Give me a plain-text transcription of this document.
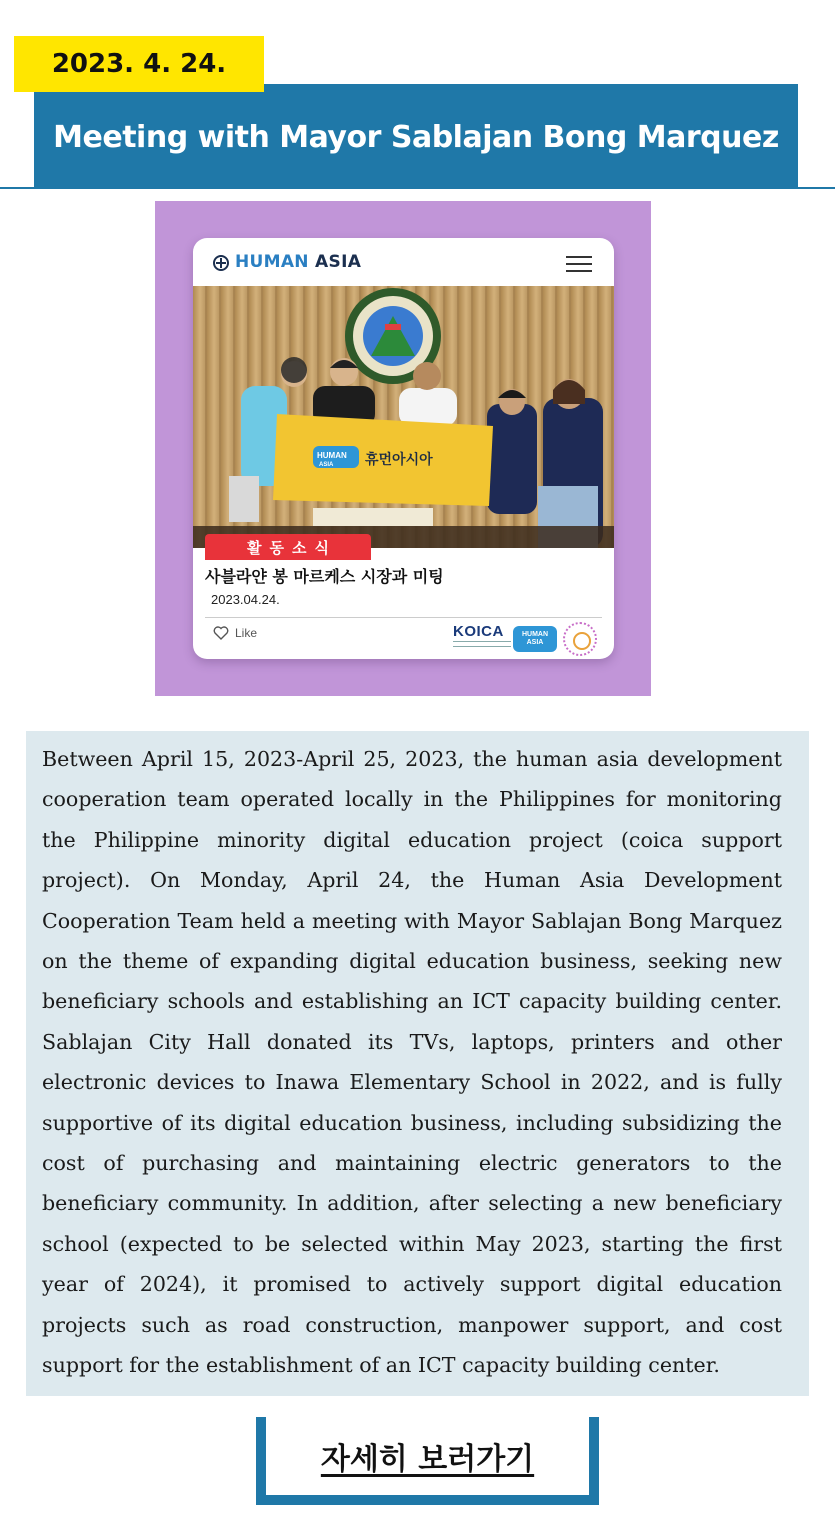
2023. 4. 24.
Meeting with Mayor Sablajan Bong Marquez
HUMAN ASIA
HUMAN
ASIA 휴먼아시아
활동소식
사블라얀 봉 마르케스 시장과 미팅
2023.04.24.
Like	KOICA	HUMAN
ASIA

Between April 15, 2023-April 25, 2023, the human asia development cooperation team operated locally in the Philippines for monitoring the Philippine minority digital education project (coica support project). On Monday, April 24, the Human Asia Development Cooperation Team held a meeting with Mayor Sablajan Bong Marquez on the theme of expanding digital education business, seeking new beneficiary schools and establishing an ICT capacity building center. Sablajan City Hall donated its TVs, laptops, printers and other electronic devices to Inawa Elementary School in 2022, and is fully supportive of its digital education business, including subsidizing the cost of purchasing and maintaining electric generators to the beneficiary community. In addition, after selecting a new beneficiary school (expected to be selected within May 2023, starting the first year of 2024), it promised to actively support digital education projects such as road construction, manpower support, and cost support for the establishment of an ICT capacity building center.

자세히 보러가기
